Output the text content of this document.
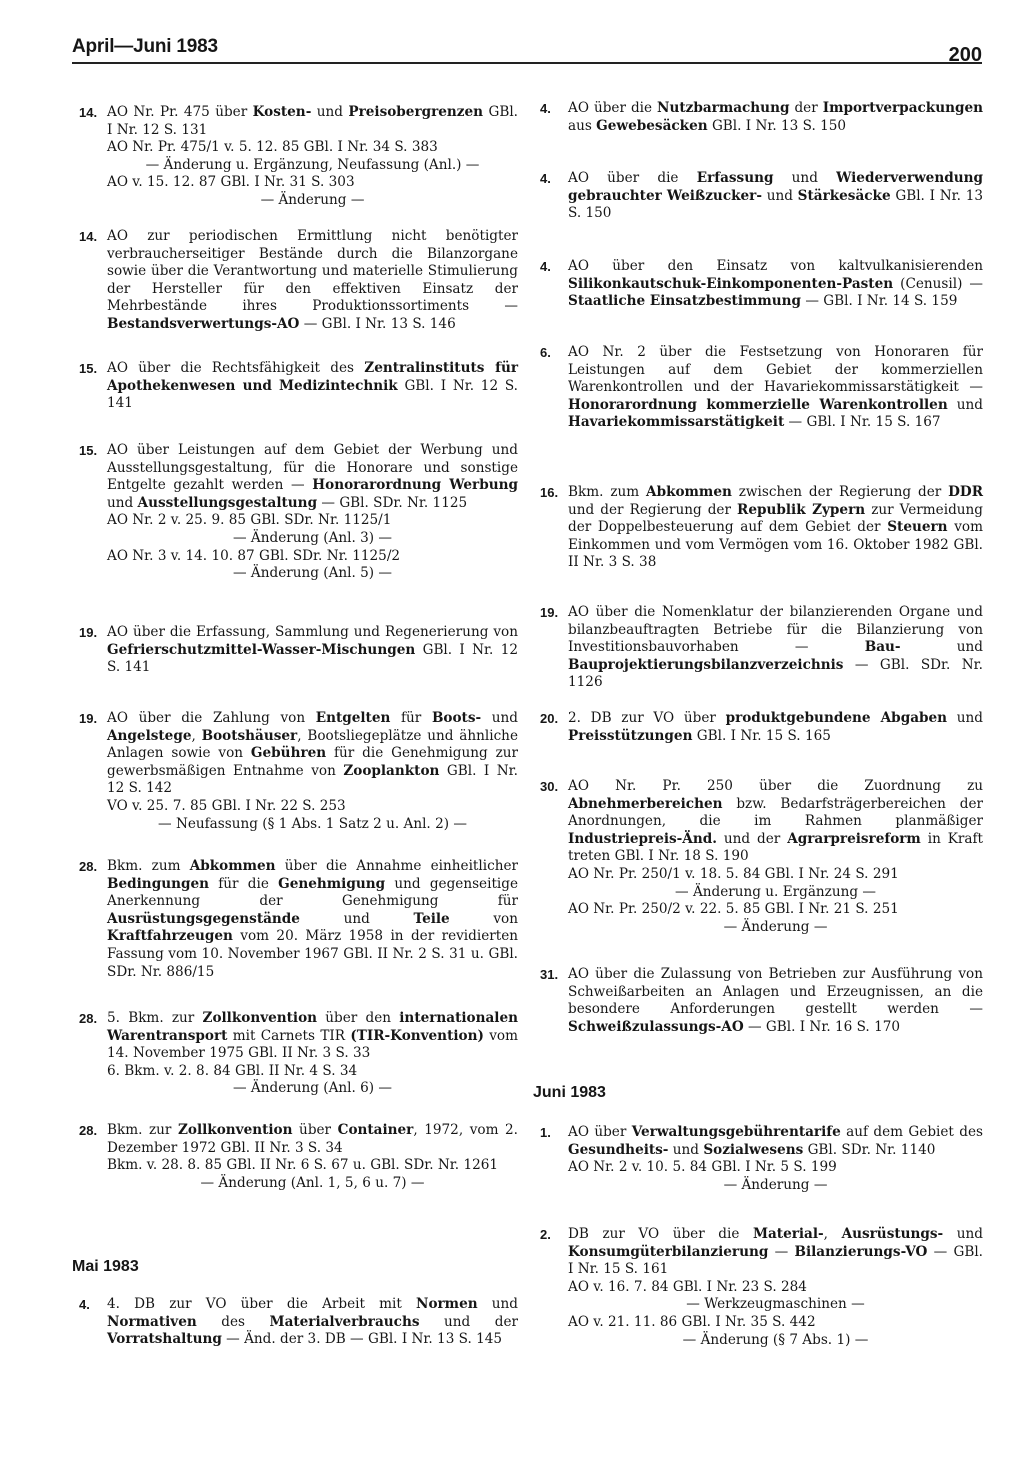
April—Juni 1983	200
14. AO Nr. Pr. 475 über Kosten- und Preisobergrenzen GBl. I Nr. 12 S. 131

AO Nr. Pr. 475/1 v. 5. 12. 85 GBl. I Nr. 34 S. 383

— Änderung u. Ergänzung, Neufassung (Anl.) —

AO v. 15. 12. 87 GBl. I Nr. 31 S. 303

— Änderung —

14. AO zur periodischen Ermittlung nicht benötigter verbraucherseitiger Bestände durch die Bilanzorgane sowie über die Verantwortung und materielle Stimulierung der Hersteller für den effektiven Einsatz der Mehrbestände ihres Produktionssortiments — Bestandsverwertungs-AO — GBl. I Nr. 13 S. 146

15. AO über die Rechtsfähigkeit des Zentralinstituts für Apothekenwesen und Medizintechnik GBl. I Nr. 12 S. 141

15. AO über Leistungen auf dem Gebiet der Werbung und Ausstellungsgestaltung, für die Honorare und sonstige Entgelte gezahlt werden — Honorarordnung Werbung und Ausstellungsgestaltung — GBl. SDr. Nr. 1125

AO Nr. 2 v. 25. 9. 85 GBl. SDr. Nr. 1125/1

— Änderung (Anl. 3) —

AO Nr. 3 v. 14. 10. 87 GBl. SDr. Nr. 1125/2

— Änderung (Anl. 5) —

19. AO über die Erfassung, Sammlung und Regenerierung von Gefrierschutzmittel-Wasser-Mischungen GBl. I Nr. 12 S. 141

19. AO über die Zahlung von Entgelten für Boots- und Angelstege, Bootshäuser, Bootsliegeplätze und ähnliche Anlagen sowie von Gebühren für die Genehmigung zur gewerbsmäßigen Entnahme von Zooplankton GBl. I Nr. 12 S. 142

VO v. 25. 7. 85 GBl. I Nr. 22 S. 253

— Neufassung (§ 1 Abs. 1 Satz 2 u. Anl. 2) —

28. Bkm. zum Abkommen über die Annahme einheitlicher Bedingungen für die Genehmigung und gegenseitige Anerkennung der Genehmigung für Ausrüstungsgegenstände und Teile von Kraftfahrzeugen vom 20. März 1958 in der revidierten Fassung vom 10. November 1967 GBl. II Nr. 2 S. 31 u. GBl. SDr. Nr. 886/15

28. 5. Bkm. zur Zollkonvention über den internationalen Warentransport mit Carnets TIR (TIR-Konvention) vom 14. November 1975 GBl. II Nr. 3 S. 33

6. Bkm. v. 2. 8. 84 GBl. II Nr. 4 S. 34

— Änderung (Anl. 6) —

28. Bkm. zur Zollkonvention über Container, 1972, vom 2. Dezember 1972 GBl. II Nr. 3 S. 34

Bkm. v. 28. 8. 85 GBl. II Nr. 6 S. 67 u. GBl. SDr. Nr. 1261

— Änderung (Anl. 1, 5, 6 u. 7) —

4.	4. DB zur VO über die Arbeit mit Normen und Normativen des Materialverbrauchs und der Vorratshaltung — Änd. der 3. DB — GBl. I Nr. 13 S. 145

Mai 1983
4.	AO über die Nutzbarmachung der Importverpackungen aus Gewebesäcken GBl. I Nr. 13 S. 150

4.	AO über die Erfassung und Wiederverwendung gebrauchter Weißzucker- und Stärkesäcke GBl. I Nr. 13 S. 150

4.	AO über den Einsatz von kaltvulkanisierenden Silikonkautschuk-Einkomponenten-Pasten (Cenusil) — Staatliche Einsatzbestimmung — GBl. I Nr. 14 S. 159

6.	AO Nr. 2 über die Festsetzung von Honoraren für Leistungen auf dem Gebiet der kommerziellen Warenkontrollen und der Havariekommissarstätigkeit — Honorarordnung kommerzielle Warenkontrollen und Havariekommissarstätigkeit — GBl. I Nr. 15 S. 167

16. Bkm. zum Abkommen zwischen der Regierung der DDR und der Regierung der Republik Zypern zur Vermeidung der Doppelbesteuerung auf dem Gebiet der Steuern vom Einkommen und vom Vermögen vom 16. Oktober 1982 GBl. II Nr. 3 S. 38

19. AO über die Nomenklatur der bilanzierenden Organe und bilanzbeauftragten Betriebe für die Bilanzierung von Investitionsbauvorhaben — Bau- und Bauprojektierungsbilanzverzeichnis — GBl. SDr. Nr. 1126

20. 2. DB zur VO über produktgebundene Abgaben und Preisstützungen GBl. I Nr. 15 S. 165

30. AO Nr. Pr. 250 über die Zuordnung zu Abnehmerbereichen bzw. Bedarfsträgerbereichen der Anordnungen, die im Rahmen planmäßiger Industriepreis-Änd. und der Agrarpreisreform in Kraft treten GBl. I Nr. 18 S. 190

AO Nr. Pr. 250/1 v. 18. 5. 84 GBl. I Nr. 24 S. 291

— Änderung u. Ergänzung —

AO Nr. Pr. 250/2 v. 22. 5. 85 GBl. I Nr. 21 S. 251

— Änderung —

31. AO über die Zulassung von Betrieben zur Ausführung von Schweißarbeiten an Anlagen und Erzeugnissen, an die besondere Anforderungen gestellt werden — Schweißzulassungs-AO — GBl. I Nr. 16 S. 170

1.	AO über Verwaltungsgebührentarife auf dem Gebiet des Gesundheits- und Sozialwesens GBl. SDr. Nr. 1140

AO Nr. 2 v. 10. 5. 84 GBl. I Nr. 5 S. 199

— Änderung —

2.	DB zur VO über die Material-, Ausrüstungs- und Konsumgüterbilanzierung — Bilanzierungs-VO — GBl. I Nr. 15 S. 161

AO v. 16. 7. 84 GBl. I Nr. 23 S. 284

— Werkzeugmaschinen —

AO v. 21. 11. 86 GBl. I Nr. 35 S. 442

— Änderung (§ 7 Abs. 1) —

Juni 1983
